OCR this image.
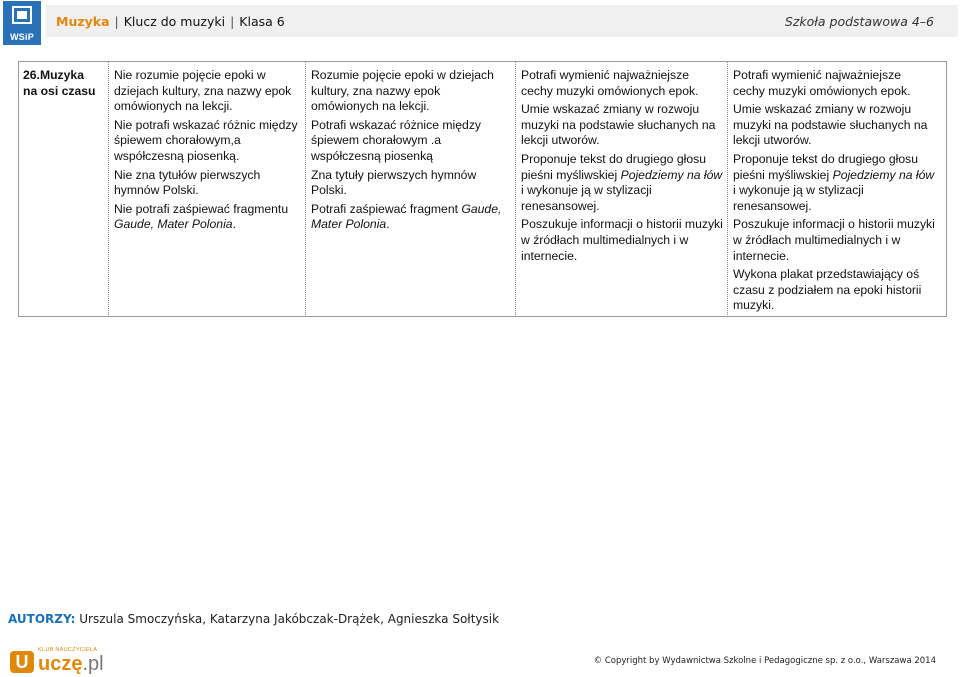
WSiP
Muzyka | Klucz do muzyki | Klasa 6	Szkoła podstawowa 4–6
26.Muzyka
na osi czasu

Nie rozumie pojęcie epoki w dziejach kultury, zna nazwy epok omówionych na lekcji.

Nie potrafi wskazać różnic między śpiewem chorałowym,a współczesną piosenką.

Nie zna tytułów pierwszych hymnów Polski.

Nie potrafi zaśpiewać fragmentu Gaude, Mater Polonia.

Rozumie pojęcie epoki w dziejach kultury, zna nazwy epok omówionych na lekcji.

Potrafi wskazać różnice między śpiewem chorałowym .a współczesną piosenką

Zna tytuły pierwszych hymnów Polski.

Potrafi zaśpiewać fragment Gaude, Mater Polonia.

Potrafi wymienić najważniejsze cechy muzyki omówionych epok.

Umie wskazać zmiany w rozwoju muzyki na podstawie słuchanych na lekcji utworów.

Proponuje tekst do drugiego głosu pieśni myśliwskiej Pojedziemy na łów i wykonuje ją w stylizacji renesansowej.

Poszukuje informacji o historii muzyki w źródłach multimedialnych i w internecie.

Potrafi wymienić najważniejsze cechy muzyki omówionych epok.

Umie wskazać zmiany w rozwoju muzyki na podstawie słuchanych na lekcji utworów.

Proponuje tekst do drugiego głosu pieśni myśliwskiej Pojedziemy na łów i wykonuje ją w stylizacji renesansowej.

Poszukuje informacji o historii muzyki w źródłach multimedialnych i w internecie.

Wykona plakat przedstawiający oś czasu z podziałem na epoki historii muzyki.

AUTORZY: Urszula Smoczyńska, Katarzyna Jakóbczak-Drążek, Agnieszka Sołtysik
U
KLUB NAUCZYCIELA
uczę.pl	© Copyright by Wydawnictwa Szkolne i Pedagogiczne sp. z o.o., Warszawa 2014
